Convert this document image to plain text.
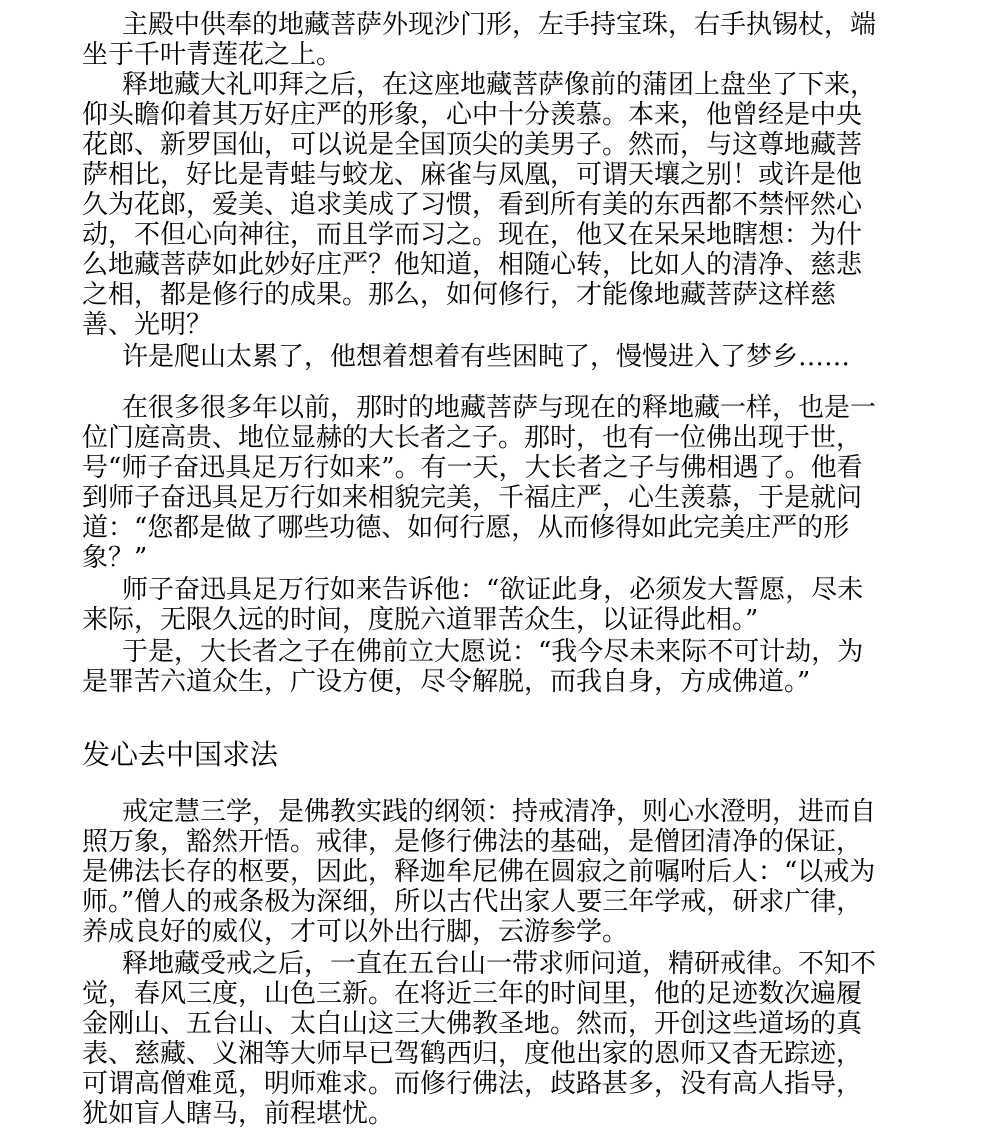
主殿中供奉的地藏菩萨外现沙门形，左手持宝珠，右手执锡杖，端
坐于千叶青莲花之上。
释地藏大礼叩拜之后，在这座地藏菩萨像前的蒲团上盘坐了下来，
仰头瞻仰着其万好庄严的形象，心中十分羡慕。本来，他曾经是中央
花郎、新罗国仙，可以说是全国顶尖的美男子。然而，与这尊地藏菩
萨相比，好比是青蛙与蛟龙、麻雀与凤凰，可谓天壤之别！或许是他
久为花郎，爱美、追求美成了习惯，看到所有美的东西都不禁怦然心
动，不但心向神往，而且学而习之。现在，他又在呆呆地瞎想：为什
么地藏菩萨如此妙好庄严？他知道，相随心转，比如人的清净、慈悲
之相，都是修行的成果。那么，如何修行，才能像地藏菩萨这样慈
善、光明？
许是爬山太累了，他想着想着有些困盹了，慢慢进入了梦乡……
在很多很多年以前，那时的地藏菩萨与现在的释地藏一样，也是一
位门庭高贵、地位显赫的大长者之子。那时，也有一位佛出现于世，
号“师子奋迅具足万行如来”。有一天，大长者之子与佛相遇了。他看
到师子奋迅具足万行如来相貌完美，千福庄严，心生羡慕，于是就问
道：“您都是做了哪些功德、如何行愿，从而修得如此完美庄严的形
象？”
师子奋迅具足万行如来告诉他：“欲证此身，必须发大誓愿，尽未
来际，无限久远的时间，度脱六道罪苦众生，以证得此相。”
于是，大长者之子在佛前立大愿说：“我今尽未来际不可计劫，为
是罪苦六道众生，广设方便，尽令解脱，而我自身，方成佛道。”
发心去中国求法
戒定慧三学，是佛教实践的纲领：持戒清净，则心水澄明，进而自
照万象，豁然开悟。戒律，是修行佛法的基础，是僧团清净的保证，
是佛法长存的枢要，因此，释迦牟尼佛在圆寂之前嘱咐后人：“以戒为
师。”僧人的戒条极为深细，所以古代出家人要三年学戒，研求广律，
养成良好的威仪，才可以外出行脚，云游参学。
释地藏受戒之后，一直在五台山一带求师问道，精研戒律。不知不
觉，春风三度，山色三新。在将近三年的时间里，他的足迹数次遍履
金刚山、五台山、太白山这三大佛教圣地。然而，开创这些道场的真
表、慈藏、义湘等大师早已驾鹤西归，度他出家的恩师又杳无踪迹，
可谓高僧难觅，明师难求。而修行佛法，歧路甚多，没有高人指导，
犹如盲人瞎马，前程堪忧。
